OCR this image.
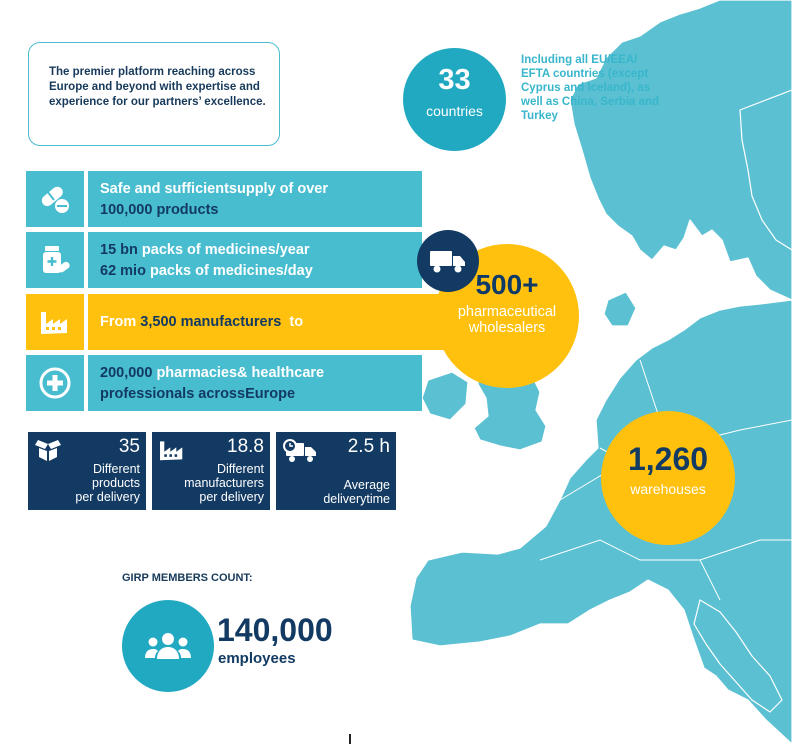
The premier platform reaching across Europe and beyond with expertise and experience for our partners’ excellence.

33
countries
Including all EU/EEA/ EFTA countries (except Cyprus and Iceland), as well as China, Serbia and Turkey
Safe and sufficientsupply of over
100,000 products
15 bn packs of medicines/year
62 mio packs of medicines/day
From 3,500 manufacturers to
500+
pharmaceutical
wholesalers
200,000 pharmacies& healthcare
professionals acrossEurope
35
Different
products
per delivery
18.8
Different
manufacturers
per delivery
2.5 h
Average
deliverytime
1,260
warehouses
GIRP MEMBERS COUNT:
140,000
employees
